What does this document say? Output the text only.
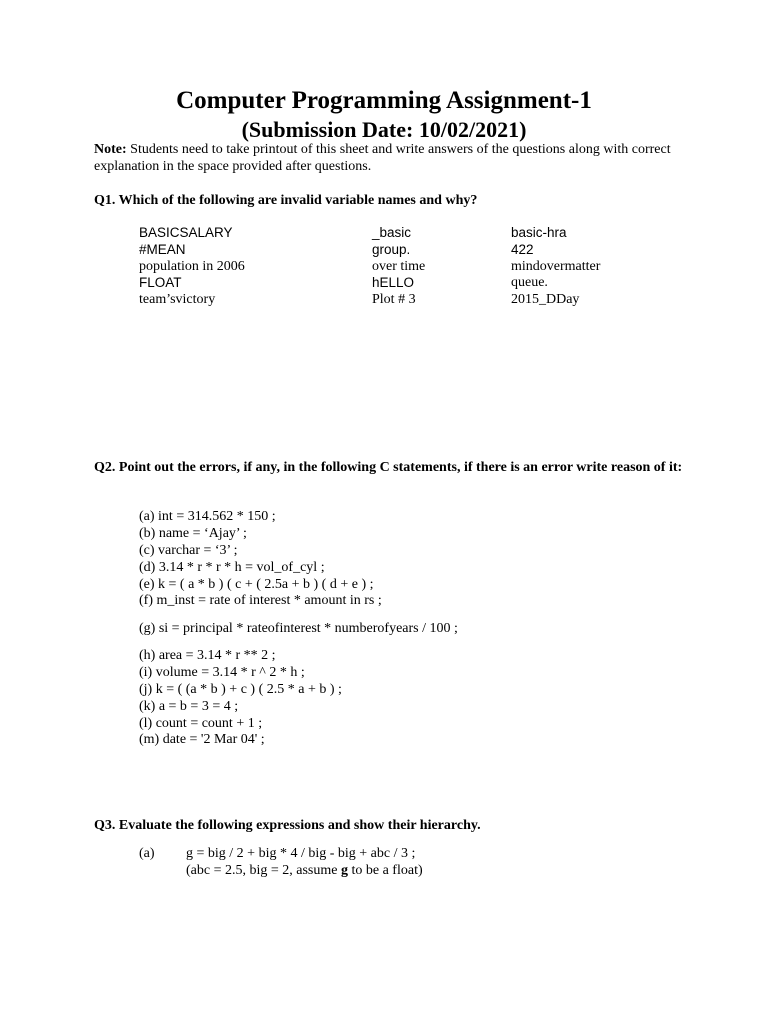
Computer Programming Assignment-1
(Submission Date: 10/02/2021)
Note: Students need to take printout of this sheet and write answers of the questions along with correct explanation in the space provided after questions.
Q1. Which of the following are invalid variable names and why?
BASICSALARY	_basic	basic-hra
#MEAN	group.	422
population in 2006	over time	mindovermatter
FLOAT	hELLO	queue.
team’svictory	Plot # 3	2015_DDay
Q2. Point out the errors, if any, in the following C statements, if there is an error write reason of it:
(a) int = 314.562 * 150 ;
(b) name = ‘Ajay’ ;
(c) varchar = ‘3’ ;
(d) 3.14 * r * r * h = vol_of_cyl ;
(e) k = ( a * b ) ( c + ( 2.5a + b ) ( d + e ) ;
(f) m_inst = rate of interest * amount in rs ;
(g) si = principal * rateofinterest * numberofyears / 100 ;
(h) area = 3.14 * r ** 2 ;
(i) volume = 3.14 * r ^ 2 * h ;
(j) k = ( (a * b ) + c ) ( 2.5 * a + b ) ;
(k) a = b = 3 = 4 ;
(l) count = count + 1 ;
(m) date = '2 Mar 04' ;
Q3. Evaluate the following expressions and show their hierarchy.
(a) g = big / 2 + big * 4 / big - big + abc / 3 ;
(abc = 2.5, big = 2, assume g to be a float)
